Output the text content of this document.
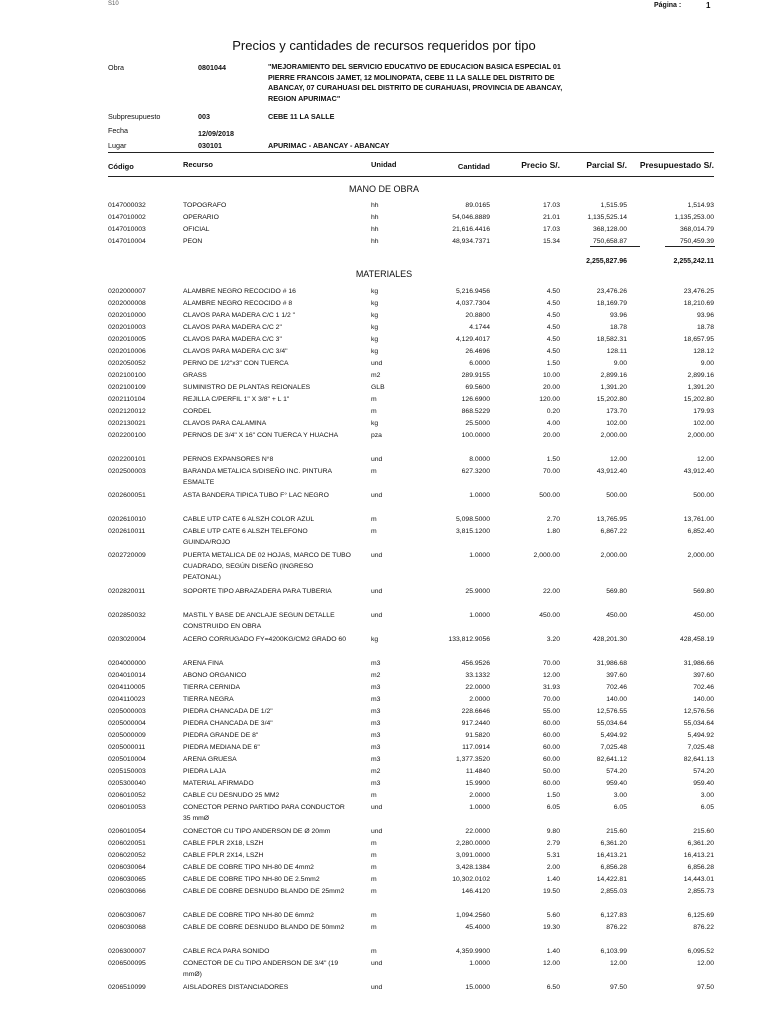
S10	Página :	1
Precios y cantidades de recursos requeridos por tipo
Obra	0801044	"MEJORAMIENTO DEL SERVICIO EDUCATIVO DE EDUCACION BASICA ESPECIAL 01 PIERRE FRANCOIS JAMET, 12 MOLINOPATA, CEBE 11 LA SALLE DEL DISTRITO DE ABANCAY, 07 CURAHUASI DEL DISTRITO DE CURAHUASI, PROVINCIA DE ABANCAY, REGION APURIMAC"
Subpresupuesto	003	CEBE 11 LA SALLE
Fecha	12/09/2018
Lugar	030101	APURIMAC - ABANCAY - ABANCAY
Código	Recurso	Unidad	Cantidad	Precio S/.	Parcial S/. Presupuestado S/.
MANO DE OBRA
0147000032	TOPOGRAFO	hh	89.0165	17.03	1,515.95	1,514.93
0147010002	OPERARIO	hh	54,046.8889	21.01	1,135,525.14	1,135,253.00
0147010003	OFICIAL	hh	21,616.4416	17.03	368,128.00	368,014.79
0147010004	PEON	hh	48,934.7371	15.34	750,658.87	750,459.39
2,255,827.96	2,255,242.11
MATERIALES
0202000007	ALAMBRE NEGRO RECOCIDO # 16	kg	5,216.9456	4.50	23,476.26	23,476.25
0202000008	ALAMBRE NEGRO RECOCIDO # 8	kg	4,037.7304	4.50	18,169.79	18,210.69
0202010000	CLAVOS PARA MADERA C/C 1 1/2 "	kg	20.8800	4.50	93.96	93.96
0202010003	CLAVOS PARA MADERA C/C 2"	kg	4.1744	4.50	18.78	18.78
0202010005	CLAVOS PARA MADERA C/C 3"	kg	4,129.4017	4.50	18,582.31	18,657.95
0202010006	CLAVOS PARA MADERA C/C 3/4"	kg	26.4696	4.50	128.11	128.12
0202050052	PERNO DE 1/2"x3" CON TUERCA	und	6.0000	1.50	9.00	9.00
0202100100	GRASS	m2	289.9155	10.00	2,899.16	2,899.16
0202100109	SUMINISTRO DE PLANTAS REIONALES	GLB	69.5600	20.00	1,391.20	1,391.20
0202110104	REJILLA C/PERFIL 1" X 3/8" + L 1"	m	126.6900	120.00	15,202.80	15,202.80
0202120012	CORDEL	m	868.5229	0.20	173.70	179.93
0202130021	CLAVOS PARA CALAMINA	kg	25.5000	4.00	102.00	102.00
0202200100	PERNOS DE 3/4" X 16" CON TUERCA Y HUACHA	pza	100.0000	20.00	2,000.00	2,000.00
0202200101	PERNOS EXPANSORES N°8	und	8.0000	1.50	12.00	12.00
0202500003	BARANDA METALICA S/DISEÑO INC. PINTURA ESMALTE
m	627.3200	70.00	43,912.40	43,912.40
0202600051	ASTA BANDERA TIPICA TUBO F° LAC NEGRO	und	1.0000	500.00	500.00	500.00
0202610010	CABLE UTP CATE 6 ALSZH COLOR AZUL	m	5,098.5000	2.70	13,765.95	13,761.00
0202610011	CABLE UTP CATE 6 ALSZH TELEFONO GUINDA/ROJO
m	3,815.1200	1.80	6,867.22	6,852.40
0202720009	PUERTA METALICA DE 02 HOJAS, MARCO DE TUBO CUADRADO, SEGÚN DISEÑO (INGRESO PEATONAL)
und	1.0000	2,000.00	2,000.00	2,000.00
0202820011	SOPORTE TIPO ABRAZADERA PARA TUBERIA	und	25.9000	22.00	569.80	569.80
0202850032	MASTIL Y BASE DE ANCLAJE SEGUN DETALLE CONSTRUIDO EN OBRA
und	1.0000	450.00	450.00	450.00
0203020004	ACERO CORRUGADO FY=4200KG/CM2 GRADO 60	kg	133,812.9056	3.20	428,201.30	428,458.19
0204000000	ARENA FINA	m3	456.9526	70.00	31,986.68	31,986.66
0204010014	ABONO ORGANICO	m2	33.1332	12.00	397.60	397.60
0204110005	TIERRA CERNIDA	m3	22.0000	31.93	702.46	702.46
0204110023	TIERRA NEGRA	m3	2.0000	70.00	140.00	140.00
0205000003	PIEDRA CHANCADA DE 1/2"	m3	228.6646	55.00	12,576.55	12,576.56
0205000004	PIEDRA CHANCADA DE 3/4"	m3	917.2440	60.00	55,034.64	55,034.64
0205000009	PIEDRA GRANDE DE 8"	m3	91.5820	60.00	5,494.92	5,494.92
0205000011	PIEDRA MEDIANA DE 6"	m3	117.0914	60.00	7,025.48	7,025.48
0205010004	ARENA GRUESA	m3	1,377.3520	60.00	82,641.12	82,641.13
0205150003	PIEDRA LAJA	m2	11.4840	50.00	574.20	574.20
0205300040	MATERIAL AFIRMADO	m3	15.9900	60.00	959.40	959.40
0206010052	CABLE CU DESNUDO 25 MM2	m	2.0000	1.50	3.00	3.00
0206010053	CONECTOR PERNO PARTIDO PARA CONDUCTOR 35 mmØ
und	1.0000	6.05	6.05	6.05
0206010054	CONECTOR CU TIPO ANDERSON DE Ø 20mm	und	22.0000	9.80	215.60	215.60
0206020051	CABLE FPLR 2X18, LSZH	m	2,280.0000	2.79	6,361.20	6,361.20
0206020052	CABLE FPLR 2X14, LSZH	m	3,091.0000	5.31	16,413.21	16,413.21
0206030064	CABLE DE COBRE TIPO NH-80 DE 4mm2	m	3,428.1384	2.00	6,856.28	6,856.28
0206030065	CABLE DE COBRE TIPO NH-80 DE 2.5mm2	m	10,302.0102	1.40	14,422.81	14,443.01
0206030066	CABLE DE COBRE DESNUDO BLANDO DE 25mm2	m	146.4120	19.50	2,855.03	2,855.73
0206030067	CABLE DE COBRE TIPO NH-80 DE 6mm2	m	1,094.2560	5.60	6,127.83	6,125.69
0206030068	CABLE DE COBRE DESNUDO BLANDO DE 50mm2	m	45.4000	19.30	876.22	876.22
0206300007	CABLE RCA PARA SONIDO	m	4,359.9900	1.40	6,103.99	6,095.52
0206500095	CONECTOR DE Cu TIPO ANDERSON DE 3/4" (19 mmØ)
und	1.0000	12.00	12.00	12.00
0206510099	AISLADORES DISTANCIADORES	und	15.0000	6.50	97.50	97.50
